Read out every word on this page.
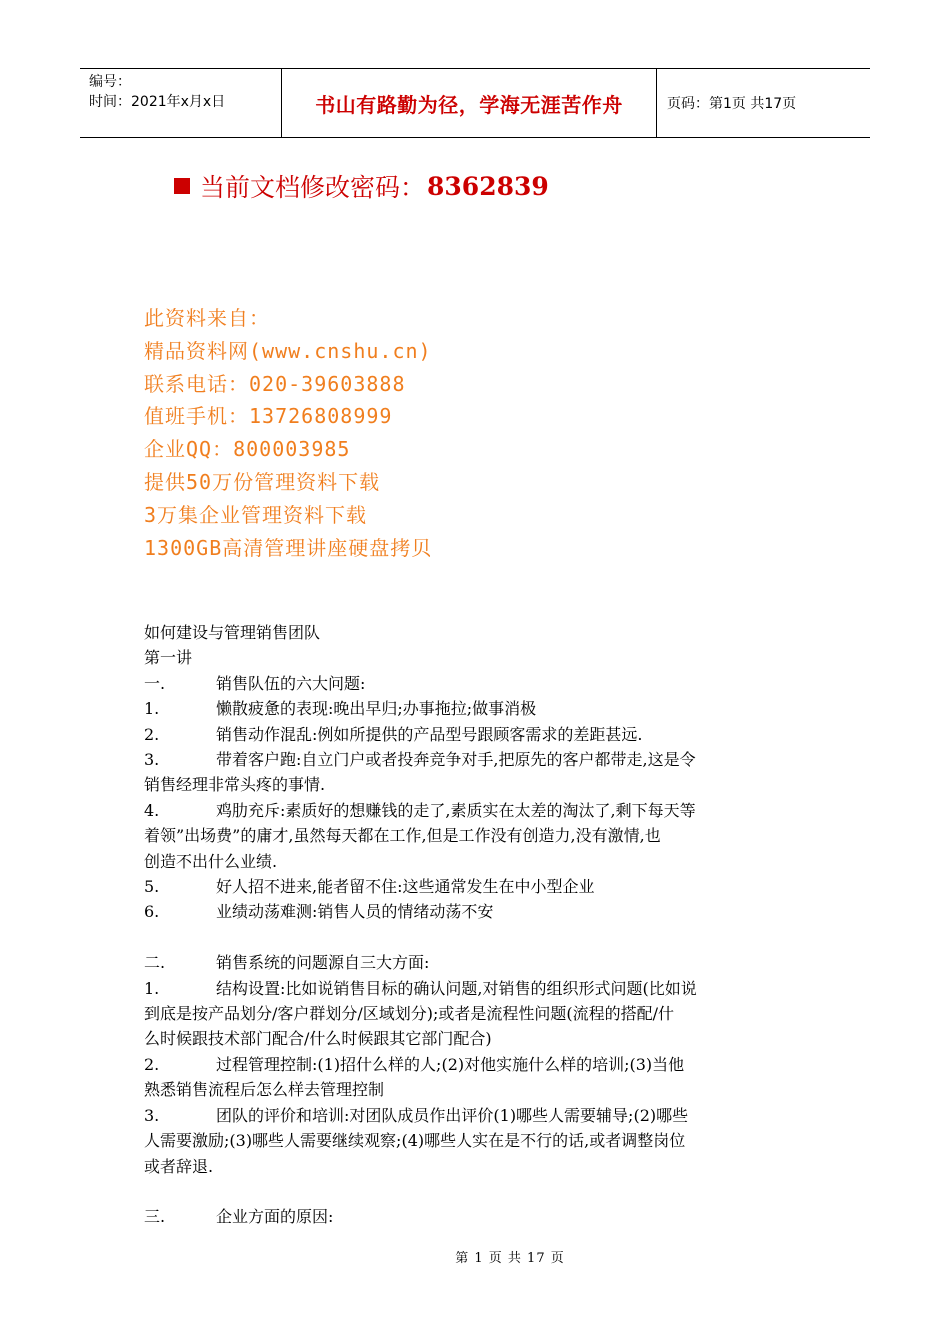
编号：
时间：2021年x月x日	书山有路勤为径，学海无涯苦作舟	页码：第1页 共17页
当前文档修改密码： 8362839
此资料来自：
精品资料网(www.cnshu.cn)
联系电话：020-39603888
值班手机：13726808999
企业QQ：800003985
提供50万份管理资料下载
3万集企业管理资料下载
1300GB高清管理讲座硬盘拷贝
如何建设与管理销售团队
第一讲
一.	销售队伍的六大问题:
1.	懒散疲惫的表现:晚出早归;办事拖拉;做事消极
2.	销售动作混乱:例如所提供的产品型号跟顾客需求的差距甚远.
3.	带着客户跑:自立门户或者投奔竞争对手,把原先的客户都带走,这是令
销售经理非常头疼的事情.
4.	鸡肋充斥:素质好的想赚钱的走了,素质实在太差的淘汰了,剩下每天等
着领”出场费”的庸才,虽然每天都在工作,但是工作没有创造力,没有激情,也
创造不出什么业绩.
5.	好人招不进来,能者留不住:这些通常发生在中小型企业
6.	业绩动荡难测:销售人员的情绪动荡不安
二.	销售系统的问题源自三大方面:
1.	结构设置:比如说销售目标的确认问题,对销售的组织形式问题(比如说
到底是按产品划分/客户群划分/区域划分);或者是流程性问题(流程的搭配/什
么时候跟技术部门配合/什么时候跟其它部门配合)
2.	过程管理控制:(1)招什么样的人;(2)对他实施什么样的培训;(3)当他
熟悉销售流程后怎么样去管理控制
3.	团队的评价和培训:对团队成员作出评价(1)哪些人需要辅导;(2)哪些
人需要激励;(3)哪些人需要继续观察;(4)哪些人实在是不行的话,或者调整岗位
或者辞退.
三.	企业方面的原因:
第 1 页 共 17 页
